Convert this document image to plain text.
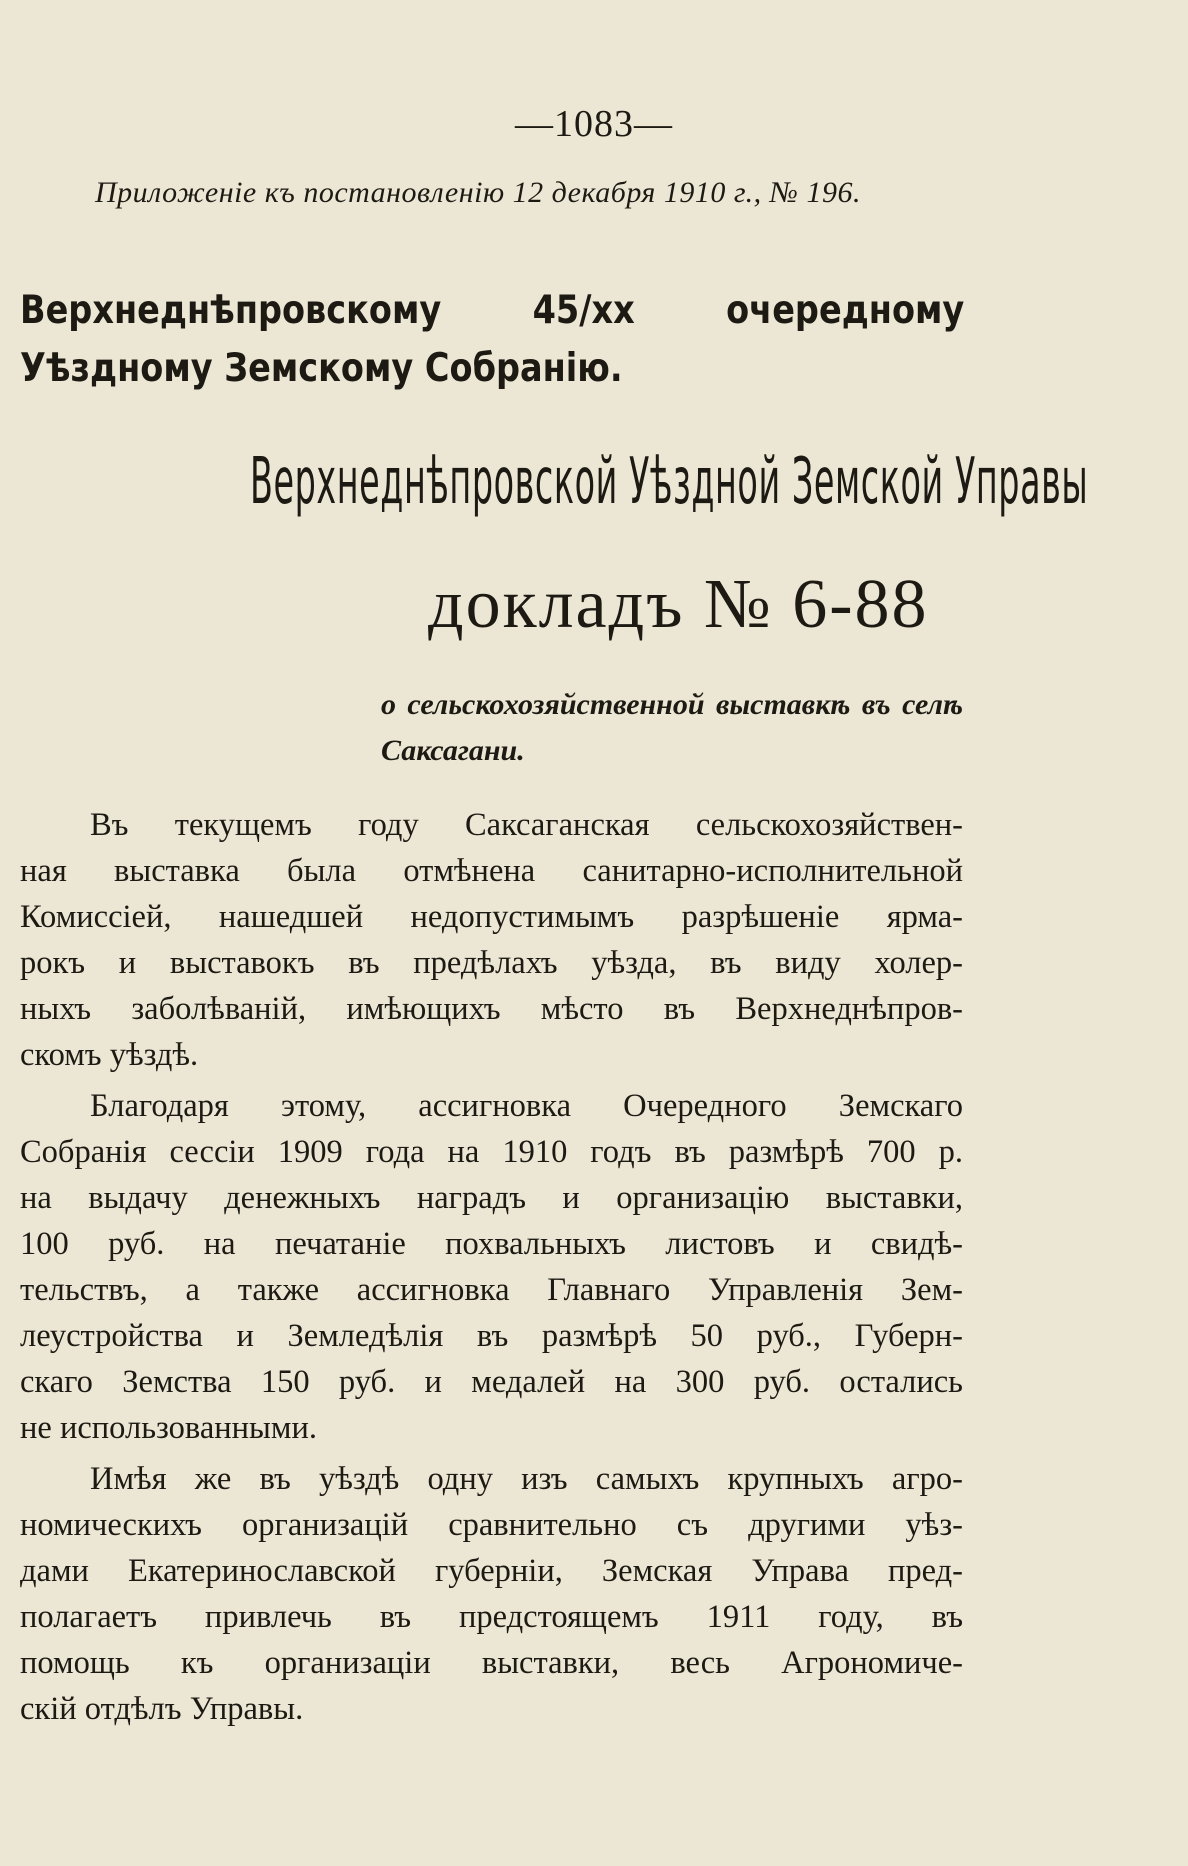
—1083—
Приложеніе къ постановленію 12 декабря 1910 г., № 196.
Верхнеднѣпровскому 45/хх очередному Уѣздному Земскому Собранію.
Верхнеднѣпровской Уѣздной Земской Управы
докладъ № 6-88
о сельскохозяйственной выставкѣ въ селѣ Саксагани.
Въ текущемъ году Саксаганская сельскохозяйствен-
ная выставка была отмѣнена санитарно-исполнительной
Комиссіей, нашедшей недопустимымъ разрѣшеніе ярма-
рокъ и выставокъ въ предѣлахъ уѣзда, въ виду холер-
ныхъ заболѣваній, имѣющихъ мѣсто въ Верхнеднѣпров-
скомъ уѣздѣ.
Благодаря этому, ассигновка Очередного Земскаго
Собранія сессіи 1909 года на 1910 годъ въ размѣрѣ 700 р.
на выдачу денежныхъ наградъ и организацію выставки,
100 руб. на печатаніе похвальныхъ листовъ и свидѣ-
тельствъ, а также ассигновка Главнаго Управленія Зем-
леустройства и Земледѣлія въ размѣрѣ 50 руб., Губерн-
скаго Земства 150 руб. и медалей на 300 руб. остались
не использованными.
Имѣя же въ уѣздѣ одну изъ самыхъ крупныхъ агро-
номическихъ организацій сравнительно съ другими уѣз-
дами Екатеринославской губерніи, Земская Управа пред-
полагаетъ привлечь въ предстоящемъ 1911 году, въ
помощь къ организаціи выставки, весь Агрономиче-
скій отдѣлъ Управы.
